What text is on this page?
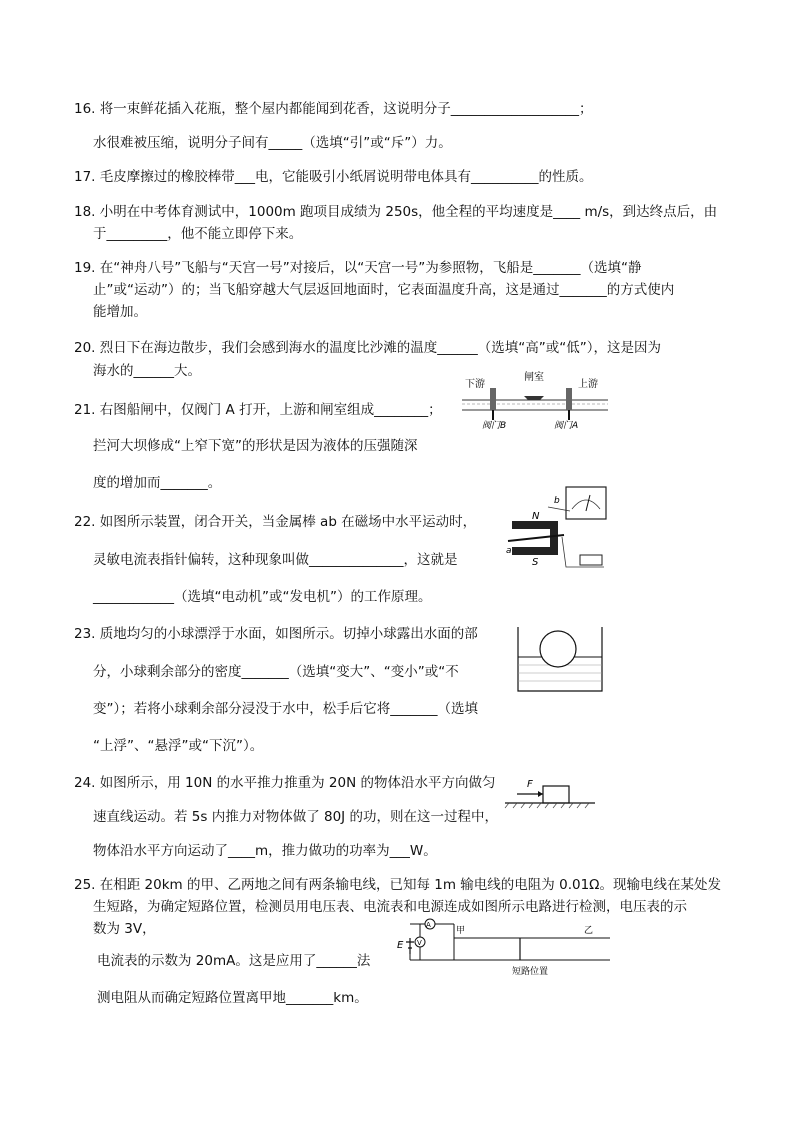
16. 将一束鲜花插入花瓶，整个屋内都能闻到花香，这说明分子___________________；
水很难被压缩，说明分子间有_____（选填“引”或“斥”）力。
17. 毛皮摩擦过的橡胶棒带___电，它能吸引小纸屑说明带电体具有__________的性质。
18. 小明在中考体育测试中，1000m 跑项目成绩为 250s，他全程的平均速度是____ m/s，到达终点后，由
于_________，他不能立即停下来。
19. 在“神舟八号”飞船与“天宫一号”对接后，以“天宫一号”为参照物，飞船是_______（选填“静
止”或“运动”）的；当飞船穿越大气层返回地面时，它表面温度升高，这是通过_______的方式使内
能增加。
20. 烈日下在海边散步，我们会感到海水的温度比沙滩的温度______（选填“高”或“低”），这是因为
海水的______大。
21. 右图船闸中，仅阀门 A 打开，上游和闸室组成________；
拦河大坝修成“上窄下宽”的形状是因为液体的压强随深
度的增加而_______。
下游
闸室
上游
阀门B	阀门A
22. 如图所示装置，闭合开关，当金属棒 ab 在磁场中水平运动时，
灵敏电流表指针偏转，这种现象叫做______________，这就是
____________（选填“电动机”或“发电机”）的工作原理。
N
S
a
b
23. 质地均匀的小球漂浮于水面，如图所示。切掉小球露出水面的部
分，小球剩余部分的密度_______（选填“变大”、“变小”或“不
变”）；若将小球剩余部分浸没于水中，松手后它将_______（选填
“上浮”、“悬浮”或“下沉”）。
24. 如图所示，用 10N 的水平推力推重为 20N 的物体沿水平方向做匀
速直线运动。若 5s 内推力对物体做了 80J 的功，则在这一过程中，
物体沿水平方向运动了____m，推力做功的功率为___W。
F
25. 在相距 20km 的甲、乙两地之间有两条输电线，已知每 1m 输电线的电阻为 0.01Ω。现输电线在某处发
生短路，为确定短路位置，检测员用电压表、电流表和电源连成如图所示电路进行检测，电压表的示
数为 3V，
电流表的示数为 20mA。这是应用了______法
测电阻从而确定短路位置离甲地_______km。
E
A
V
甲	乙
短路位置
